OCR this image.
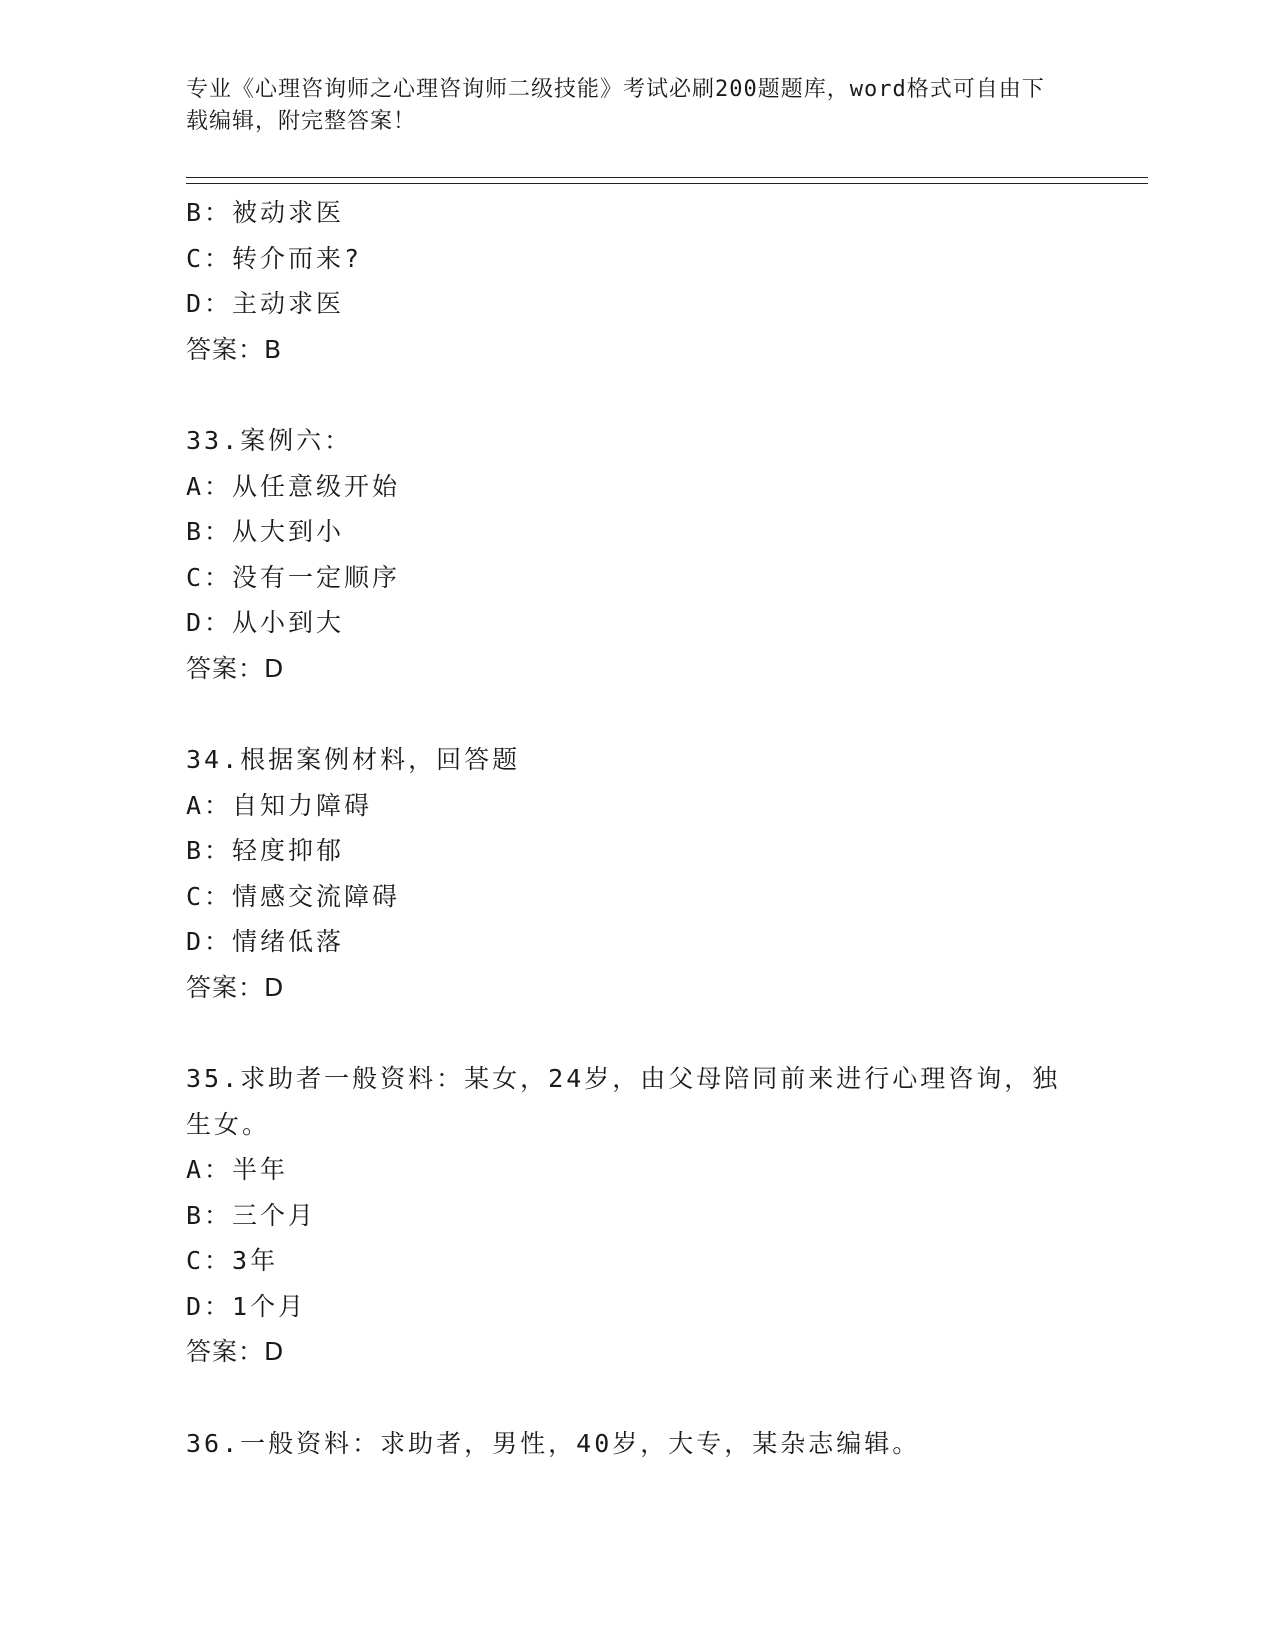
专业《心理咨询师之心理咨询师二级技能》考试必刷200题题库，word格式可自由下载编辑，附完整答案！
B：被动求医
C：转介而来?
D：主动求医
答案：B
33.案例六：
A：从任意级开始
B：从大到小
C：没有一定顺序
D：从小到大
答案：D
34.根据案例材料，回答题
A：自知力障碍
B：轻度抑郁
C：情感交流障碍
D：情绪低落
答案：D
35.求助者一般资料：某女，24岁，由父母陪同前来进行心理咨询，独生女。
A：半年
B：三个月
C：3年
D：1个月
答案：D
36.一般资料：求助者，男性，40岁，大专，某杂志编辑。
